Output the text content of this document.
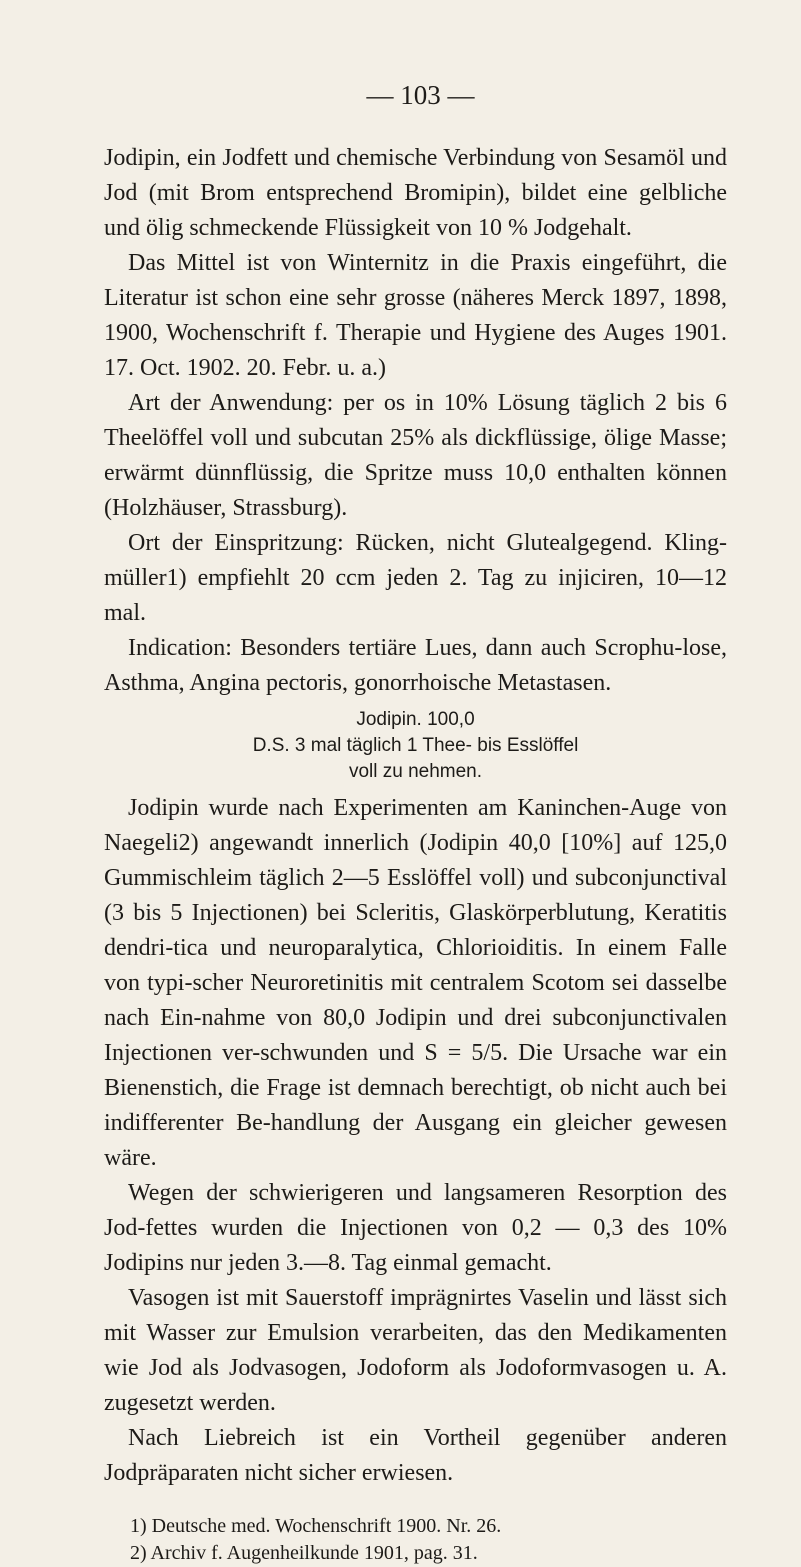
— 103 —

Jodipin, ein Jodfett und chemische Verbindung von Sesamöl und Jod (mit Brom entsprechend Bromipin), bildet eine gelbliche und ölig schmeckende Flüssigkeit von 10 % Jodgehalt.

Das Mittel ist von Winternitz in die Praxis eingeführt, die Literatur ist schon eine sehr grosse (näheres Merck 1897, 1898, 1900, Wochenschrift f. Therapie und Hygiene des Auges 1901. 17. Oct. 1902. 20. Febr. u. a.)

Art der Anwendung: per os in 10% Lösung täglich 2 bis 6 Theelöffel voll und subcutan 25% als dickflüssige, ölige Masse; erwärmt dünnflüssig, die Spritze muss 10,0 enthalten können (Holzhäuser, Strassburg).

Ort der Einspritzung: Rücken, nicht Glutealgegend. Kling-müller1) empfiehlt 20 ccm jeden 2. Tag zu injiciren, 10—12 mal.

Indication: Besonders tertiäre Lues, dann auch Scrophu-lose, Asthma, Angina pectoris, gonorrhoische Metastasen.

Jodipin. 100,0
D.S. 3 mal täglich 1 Thee- bis Esslöffel
voll zu nehmen.

Jodipin wurde nach Experimenten am Kaninchen-Auge von Naegeli2) angewandt innerlich (Jodipin 40,0 [10%] auf 125,0 Gummischleim täglich 2—5 Esslöffel voll) und subconjunctival (3 bis 5 Injectionen) bei Scleritis, Glaskörperblutung, Keratitis dendri-tica und neuroparalytica, Chlorioiditis. In einem Falle von typi-scher Neuroretinitis mit centralem Scotom sei dasselbe nach Ein-nahme von 80,0 Jodipin und drei subconjunctivalen Injectionen ver-schwunden und S = 5/5. Die Ursache war ein Bienenstich, die Frage ist demnach berechtigt, ob nicht auch bei indifferenter Be-handlung der Ausgang ein gleicher gewesen wäre.

Wegen der schwierigeren und langsameren Resorption des Jod-fettes wurden die Injectionen von 0,2 — 0,3 des 10% Jodipins nur jeden 3.—8. Tag einmal gemacht.

Vasogen ist mit Sauerstoff imprägnirtes Vaselin und lässt sich mit Wasser zur Emulsion verarbeiten, das den Medikamenten wie Jod als Jodvasogen, Jodoform als Jodoformvasogen u. A. zugesetzt werden.

Nach Liebreich ist ein Vortheil gegenüber anderen Jodpräparaten nicht sicher erwiesen.

1) Deutsche med. Wochenschrift 1900. Nr. 26.
2) Archiv f. Augenheilkunde 1901, pag. 31.
